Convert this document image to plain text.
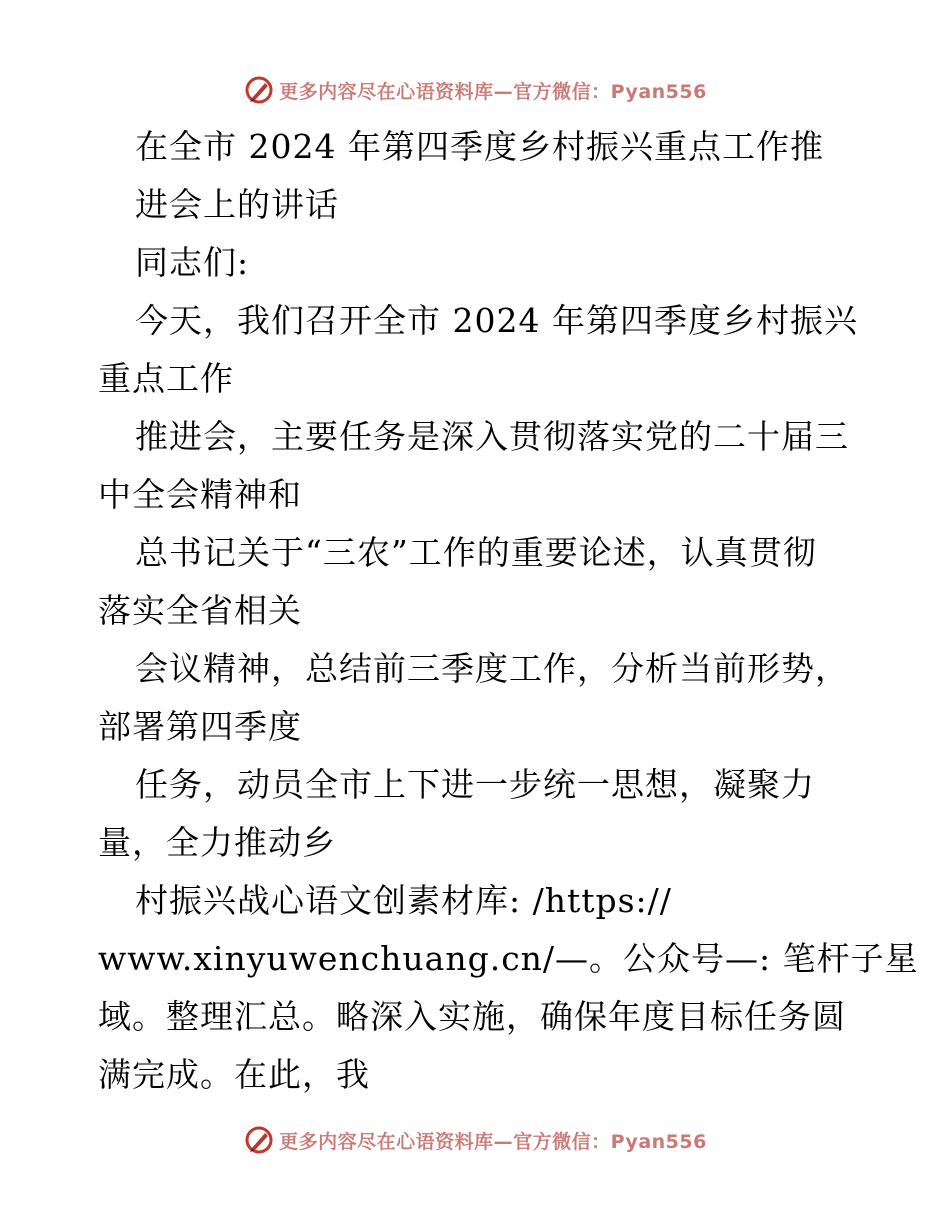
更多内容尽在心语资料库—官方微信：Pyan556
在全市 2024 年第四季度乡村振兴重点工作推
进会上的讲话
同志们:
今天，我们召开全市 2024 年第四季度乡村振兴
重点工作
推进会，主要任务是深入贯彻落实党的二十届三
中全会精神和
总书记关于“三农”工作的重要论述，认真贯彻
落实全省相关
会议精神，总结前三季度工作，分析当前形势，
部署第四季度
任务，动员全市上下进一步统一思想，凝聚力
量，全力推动乡
村振兴战心语文创素材库: /https://
www.xinyuwenchuang.cn/—。公众号—: 笔杆子星
域。整理汇总。略深入实施，确保年度目标任务圆
满完成。在此，我
更多内容尽在心语资料库—官方微信：Pyan556
